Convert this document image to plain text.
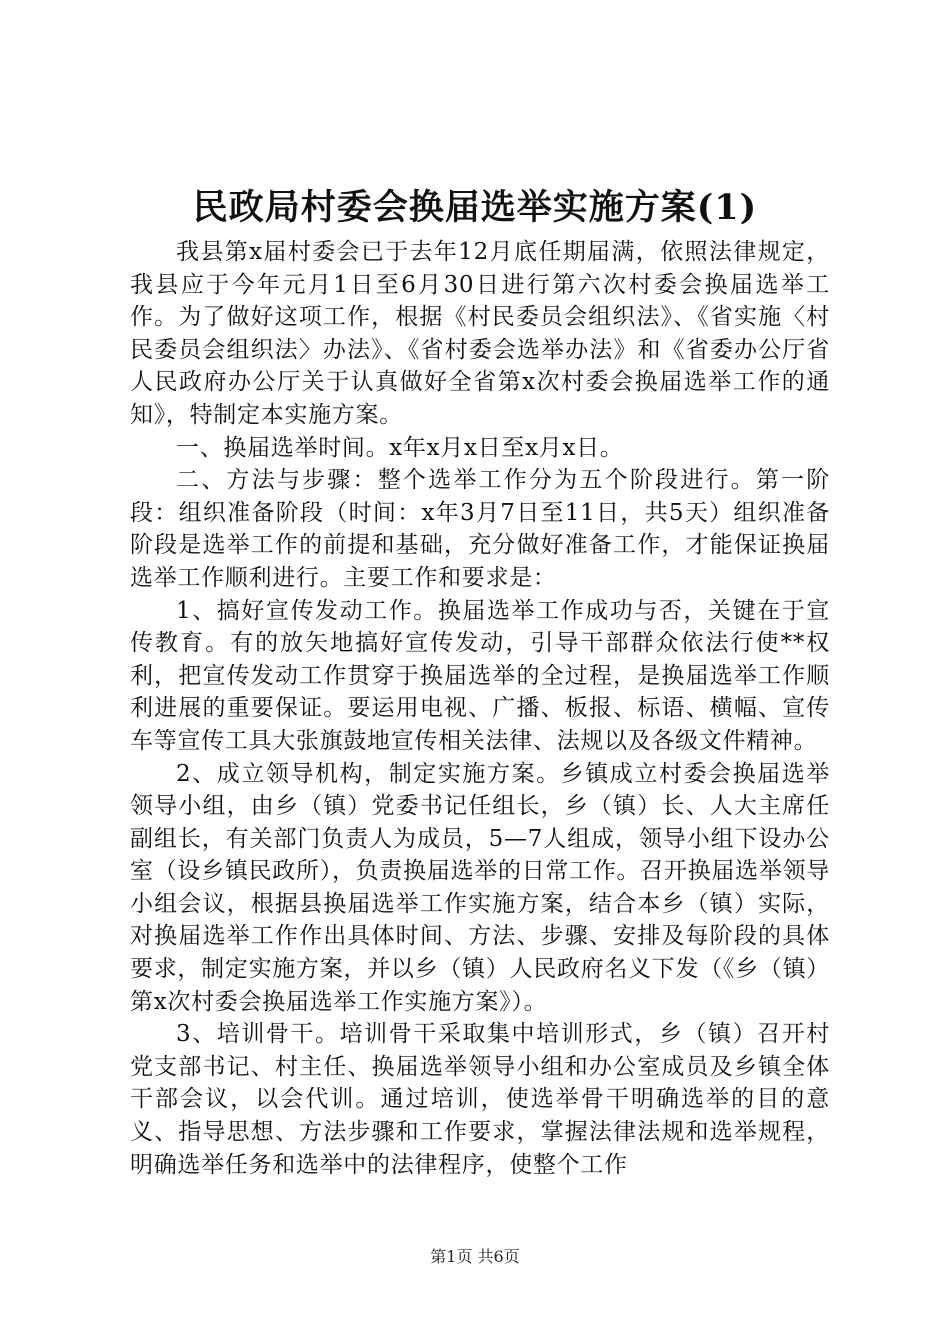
民政局村委会换届选举实施方案(1)

我县第x届村委会已于去年12月底任期届满，依照法律规定，我县应于今年元月1日至6月30日进行第六次村委会换届选举工作。为了做好这项工作，根据《村民委员会组织法》、《省实施〈村民委员会组织法〉办法》、《省村委会选举办法》和《省委办公厅省人民政府办公厅关于认真做好全省第x次村委会换届选举工作的通知》，特制定本实施方案。

一、换届选举时间。x年x月x日至x月x日。

二、方法与步骤：整个选举工作分为五个阶段进行。第一阶段：组织准备阶段（时间：x年3月7日至11日，共5天）组织准备阶段是选举工作的前提和基础，充分做好准备工作，才能保证换届选举工作顺利进行。主要工作和要求是：

1、搞好宣传发动工作。换届选举工作成功与否，关键在于宣传教育。有的放矢地搞好宣传发动，引导干部群众依法行使**权利，把宣传发动工作贯穿于换届选举的全过程，是换届选举工作顺利进展的重要保证。要运用电视、广播、板报、标语、横幅、宣传车等宣传工具大张旗鼓地宣传相关法律、法规以及各级文件精神。

2、成立领导机构，制定实施方案。乡镇成立村委会换届选举领导小组，由乡（镇）党委书记任组长，乡（镇）长、人大主席任副组长，有关部门负责人为成员，5—7人组成，领导小组下设办公室（设乡镇民政所），负责换届选举的日常工作。召开换届选举领导小组会议，根据县换届选举工作实施方案，结合本乡（镇）实际，对换届选举工作作出具体时间、方法、步骤、安排及每阶段的具体要求，制定实施方案，并以乡（镇）人民政府名义下发（《乡（镇）第x次村委会换届选举工作实施方案》）。

3、培训骨干。培训骨干采取集中培训形式，乡（镇）召开村党支部书记、村主任、换届选举领导小组和办公室成员及乡镇全体干部会议，以会代训。通过培训，使选举骨干明确选举的目的意义、指导思想、方法步骤和工作要求，掌握法律法规和选举规程，明确选举任务和选举中的法律程序，使整个工作

第1页 共6页
